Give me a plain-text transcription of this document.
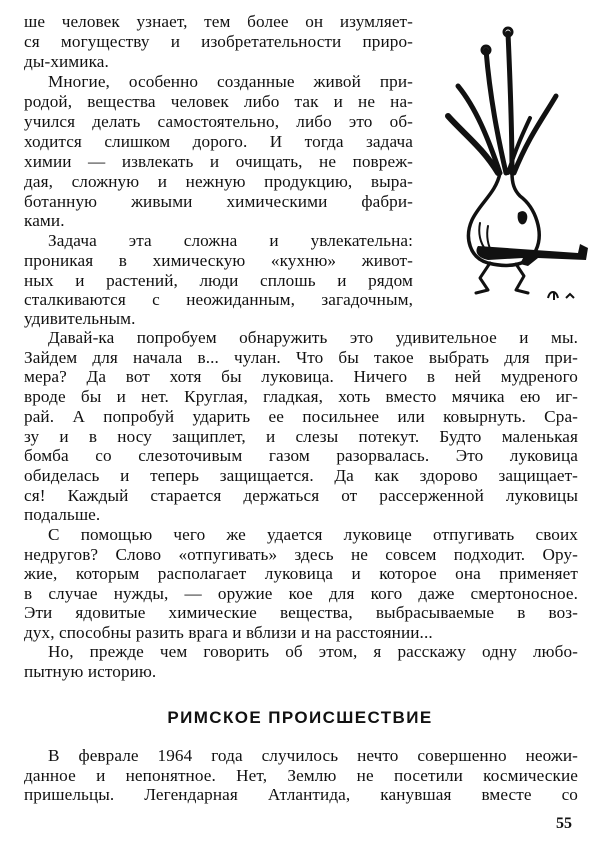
ше человек узнает, тем более он изумляет-
ся могуществу и изобретательности приро-
ды-химика.
Многие, особенно созданные живой при-
родой, вещества человек либо так и не на-
учился делать самостоятельно, либо это об-
ходится слишком дорого. И тогда задача
химии — извлекать и очищать, не повреж-
дая, сложную и нежную продукцию, выра-
ботанную живыми химическими фабри-
ками.
Задача эта сложна и увлекательна:
проникая в химическую «кухню» живот-
ных и растений, люди сплошь и рядом
сталкиваются с неожиданным, загадочным,
удивительным.
Давай-ка попробуем обнаружить это удивительное и мы.
Зайдем для начала в... чулан. Что бы такое выбрать для при-
мера? Да вот хотя бы луковица. Ничего в ней мудреного
вроде бы и нет. Круглая, гладкая, хоть вместо мячика ею иг-
рай. А попробуй ударить ее посильнее или ковырнуть. Сра-
зу и в носу защиплет, и слезы потекут. Будто маленькая
бомба со слезоточивым газом разорвалась. Это луковица
обиделась и теперь защищается. Да как здорово защищает-
ся! Каждый старается держаться от рассерженной луковицы
подальше.
С помощью чего же удается луковице отпугивать своих
недругов? Слово «отпугивать» здесь не совсем подходит. Ору-
жие, которым располагает луковица и которое она применяет
в случае нужды, — оружие кое для кого даже смертоносное.
Эти ядовитые химические вещества, выбрасываемые в воз-
дух, способны разить врага и вблизи и на расстоянии...
Но, прежде чем говорить об этом, я расскажу одну любо-
пытную историю.
РИМСКОЕ ПРОИСШЕСТВИЕ
В феврале 1964 года случилось нечто совершенно неожи-
данное и непонятное. Нет, Землю не посетили космические
пришельцы. Легендарная Атлантида, канувшая вместе со
55
